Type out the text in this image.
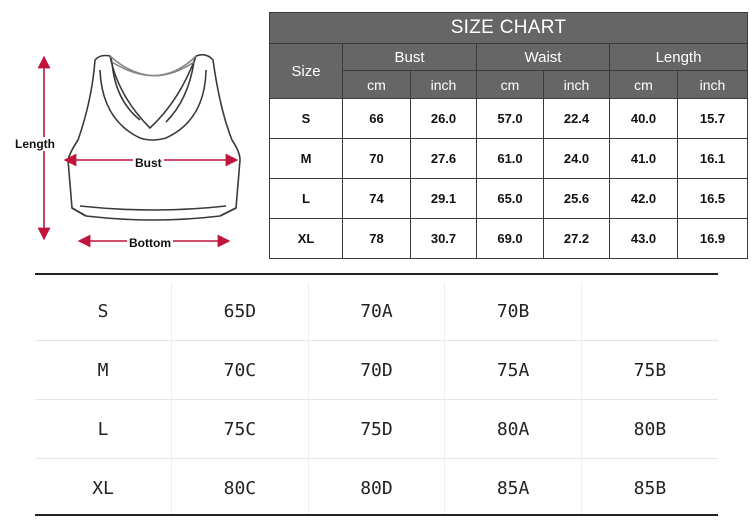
Length
Bust
Bottom
SIZE CHART						
Size	Bust		Waist		Length	
	cm	inch	cm	inch	cm	inch
S	66	26.0	57.0	22.4	40.0	15.7
M	70	27.6	61.0	24.0	41.0	16.1
L	74	29.1	65.0	25.6	42.0	16.5
XL	78	30.7	69.0	27.2	43.0	16.9
S	65D	70A	70B	
M	70C	70D	75A	75B
L	75C	75D	80A	80B
XL	80C	80D	85A	85B
